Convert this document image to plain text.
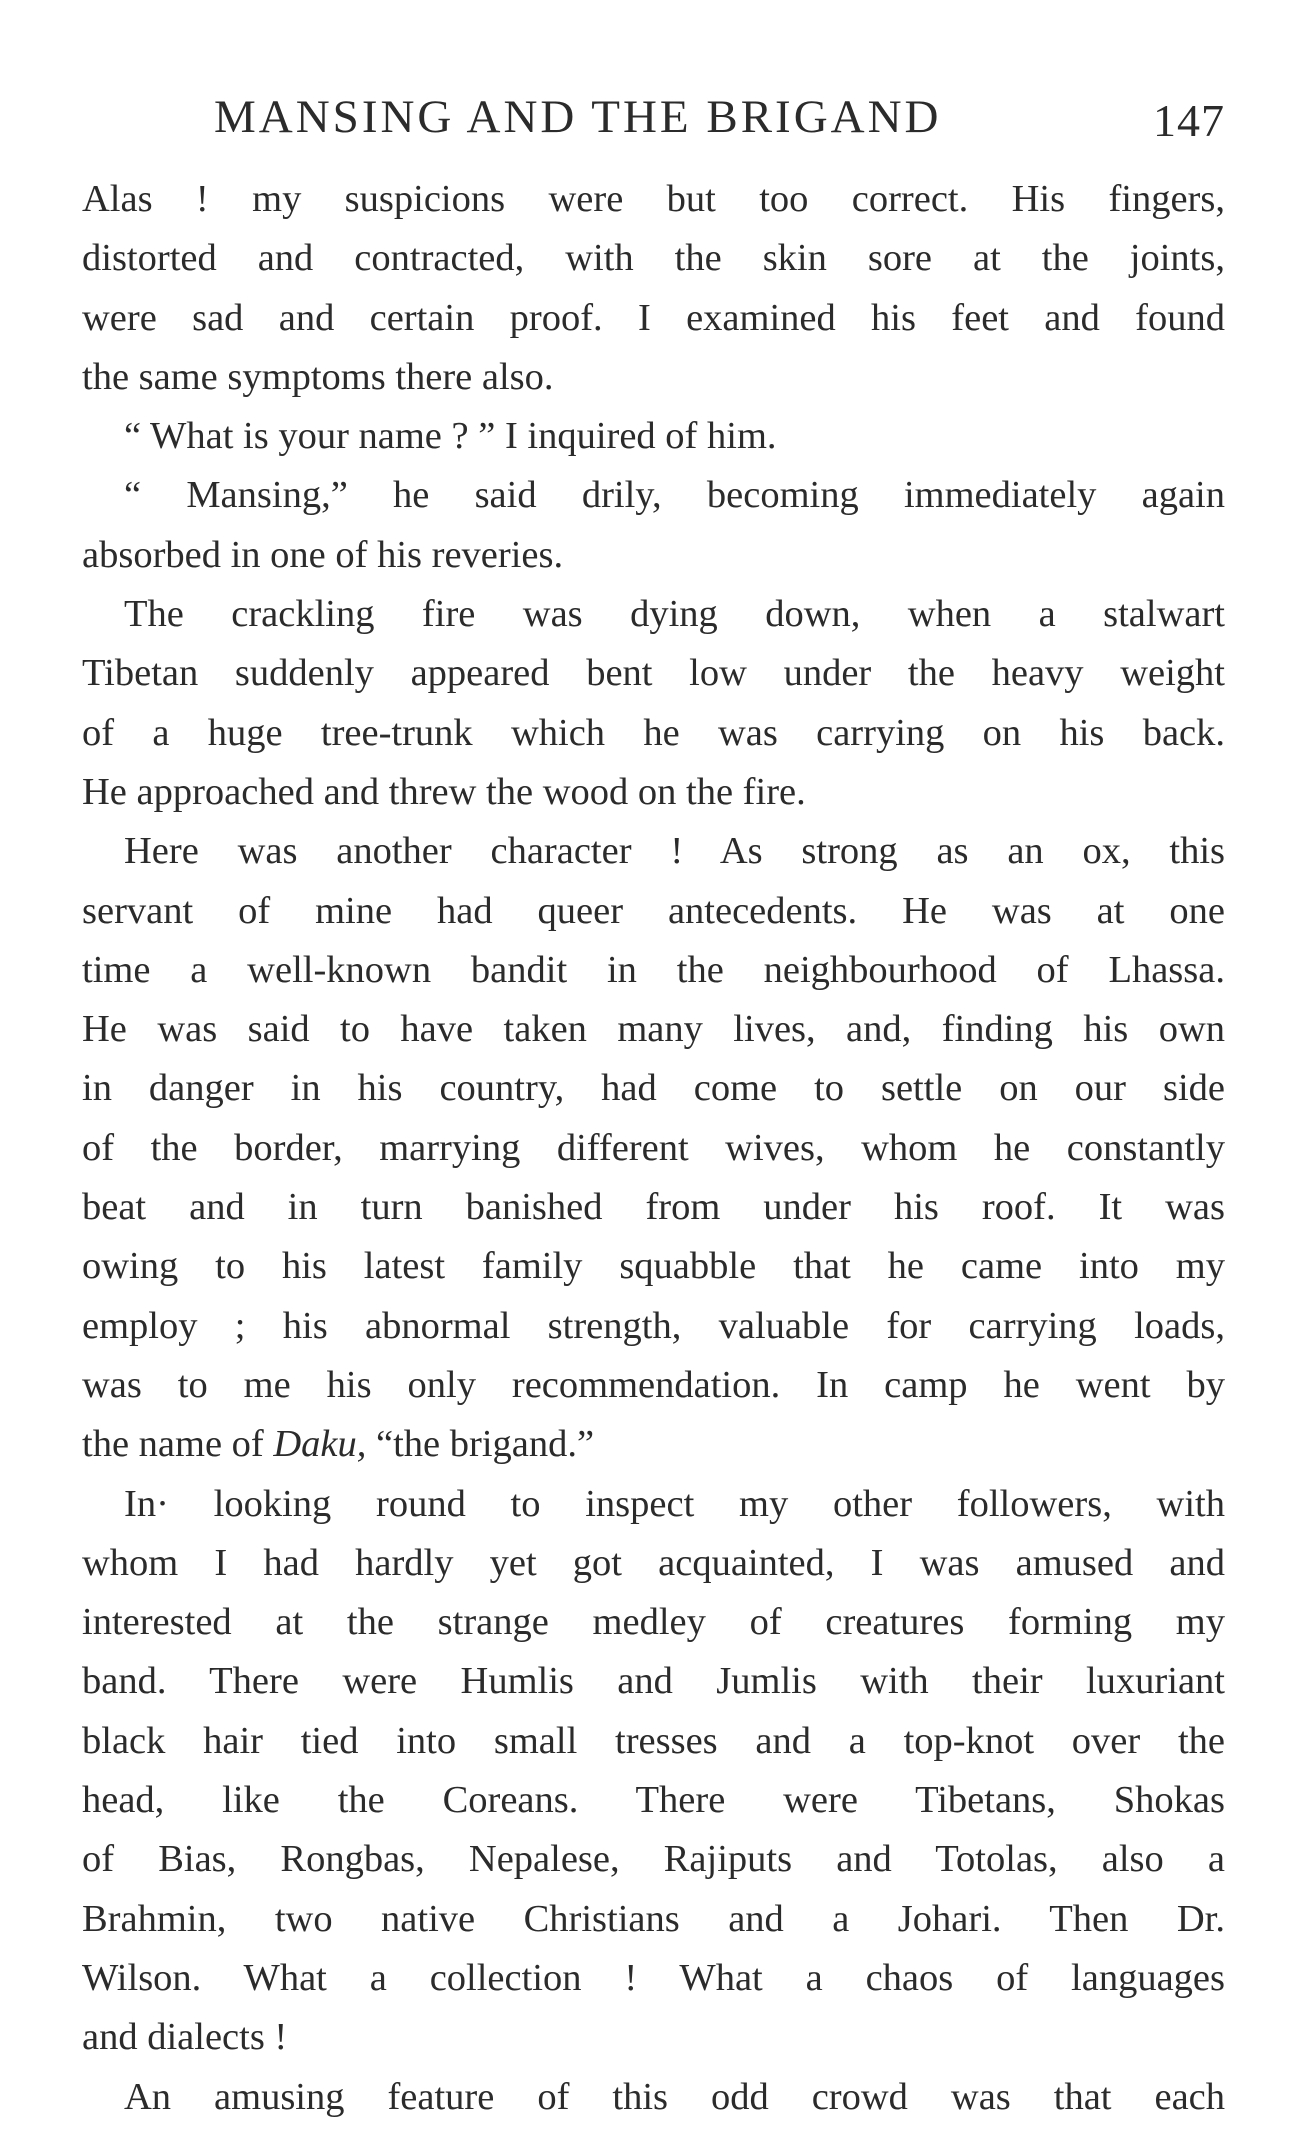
MANSING AND THE BRIGAND	147
Alas ! my suspicions were but too correct. His fingers,
distorted and contracted, with the skin sore at the joints,
were sad and certain proof. I examined his feet and found
the same symptoms there also.
“ What is your name ? ” I inquired of him.
“ Mansing,” he said drily, becoming immediately again
absorbed in one of his reveries.
The crackling fire was dying down, when a stalwart
Tibetan suddenly appeared bent low under the heavy weight
of a huge tree-trunk which he was carrying on his back.
He approached and threw the wood on the fire.
Here was another character ! As strong as an ox, this
servant of mine had queer antecedents. He was at one
time a well-known bandit in the neighbourhood of Lhassa.
He was said to have taken many lives, and, finding his own
in danger in his country, had come to settle on our side
of the border, marrying different wives, whom he constantly
beat and in turn banished from under his roof. It was
owing to his latest family squabble that he came into my
employ ; his abnormal strength, valuable for carrying loads,
was to me his only recommendation. In camp he went by
the name of Daku, “the brigand.”
In· looking round to inspect my other followers, with
whom I had hardly yet got acquainted, I was amused and
interested at the strange medley of creatures forming my
band. There were Humlis and Jumlis with their luxuriant
black hair tied into small tresses and a top-knot over the
head, like the Coreans. There were Tibetans, Shokas
of Bias, Rongbas, Nepalese, Rajiputs and Totolas, also a
Brahmin, two native Christians and a Johari. Then Dr.
Wilson. What a collection ! What a chaos of languages
and dialects !
An amusing feature of this odd crowd was that each
